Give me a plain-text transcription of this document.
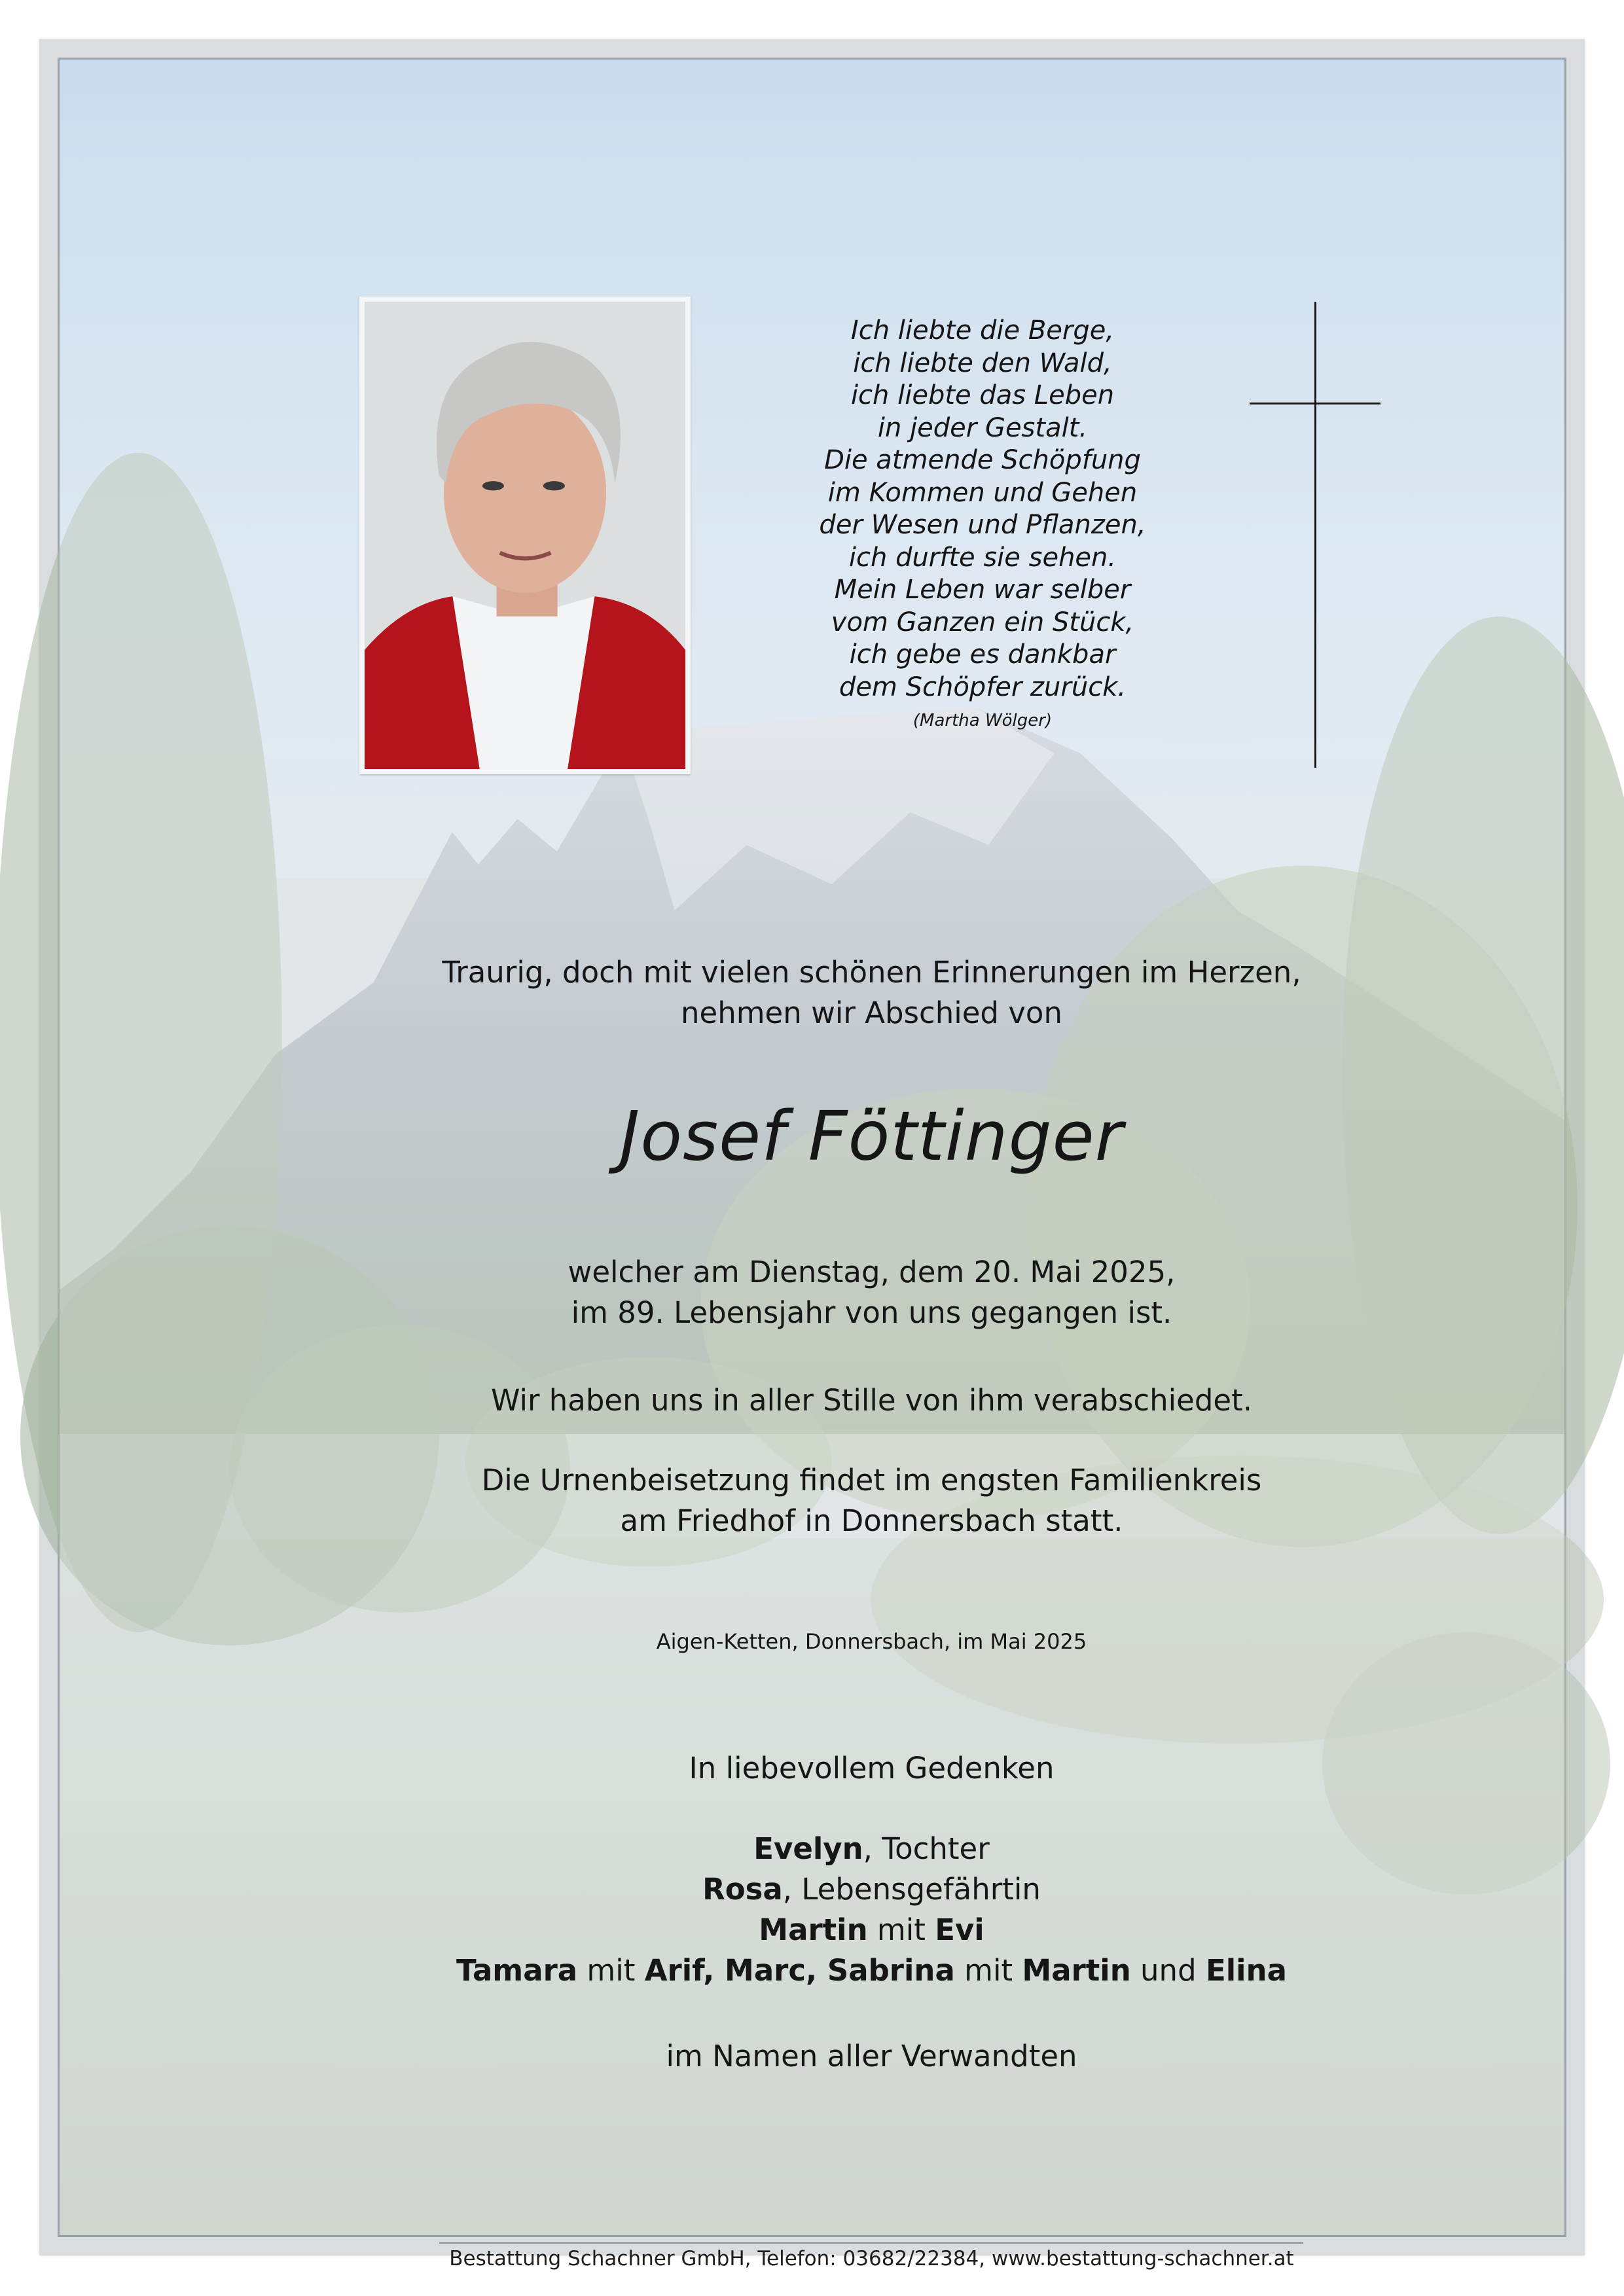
Ich liebte die Berge,
ich liebte den Wald,
ich liebte das Leben
in jeder Gestalt.
Die atmende Schöpfung
im Kommen und Gehen
der Wesen und Pflanzen,
ich durfte sie sehen.
Mein Leben war selber
vom Ganzen ein Stück,
ich gebe es dankbar
dem Schöpfer zurück.
(Martha Wölger)
Traurig, doch mit vielen schönen Erinnerungen im Herzen,
nehmen wir Abschied von
Josef Föttinger
welcher am Dienstag, dem 20. Mai 2025,
im 89. Lebensjahr von uns gegangen ist.
Wir haben uns in aller Stille von ihm verabschiedet.
Die Urnenbeisetzung findet im engsten Familienkreis
am Friedhof in Donnersbach statt.
Aigen-Ketten, Donnersbach, im Mai 2025
In liebevollem Gedenken
Evelyn, Tochter
Rosa, Lebensgefährtin
Martin mit Evi
Tamara mit Arif, Marc, Sabrina mit Martin und Elina
im Namen aller Verwandten
Bestattung Schachner GmbH, Telefon: 03682/22384, www.bestattung-schachner.at
